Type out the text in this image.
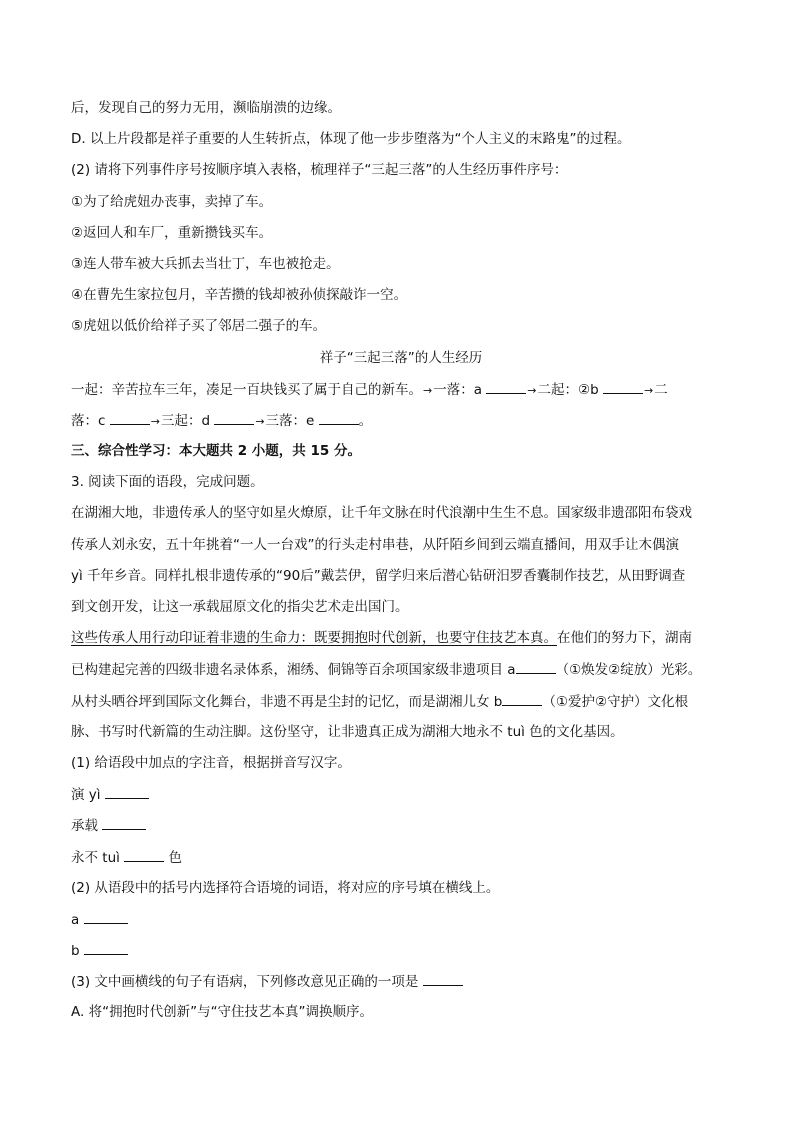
后，发现自己的努力无用，濒临崩溃的边缘。
D. 以上片段都是祥子重要的人生转折点，体现了他一步步堕落为“个人主义的末路鬼”的过程。
(2) 请将下列事件序号按顺序填入表格，梳理祥子“三起三落”的人生经历事件序号：
①为了给虎妞办丧事，卖掉了车。
②返回人和车厂，重新攒钱买车。
③连人带车被大兵抓去当壮丁，车也被抢走。
④在曹先生家拉包月，辛苦攒的钱却被孙侦探敲诈一空。
⑤虎妞以低价给祥子买了邻居二强子的车。
祥子“三起三落”的人生经历
一起：辛苦拉车三年，凑足一百块钱买了属于自己的新车。→一落：a	→二起：②b	→二
落：c	→三起：d	→三落：e	。
三、综合性学习：本大题共 2 小题，共 15 分。
3. 阅读下面的语段，完成问题。
在湖湘大地，非遗传承人的坚守如星火燎原，让千年文脉在时代浪潮中生生不息。国家级非遗邵阳布袋戏
传承人刘永安，五十年挑着“一人一台戏”的行头走村串巷，从阡陌乡间到云端直播间，用双手让木偶演
yì 千年乡音。同样扎根非遗传承的“90后”戴芸伊，留学归来后潜心钻研汨罗香囊制作技艺，从田野调查
到文创开发，让这一承载屈原文化的指尖艺术走出国门。
这些传承人用行动印证着非遗的生命力：既要拥抱时代创新，也要守住技艺本真。在他们的努力下，湖南
已构建起完善的四级非遗名录体系，湘绣、侗锦等百余项国家级非遗项目 a	（①焕发②绽放）光彩。
从村头晒谷坪到国际文化舞台，非遗不再是尘封的记忆，而是湖湘儿女 b	（①爱护②守护）文化根
脉、书写时代新篇的生动注脚。这份坚守，让非遗真正成为湖湘大地永不 tuì 色的文化基因。
(1) 给语段中加点的字注音，根据拼音写汉字。
演 yì
承载
永不 tuì	色
(2) 从语段中的括号内选择符合语境的词语，将对应的序号填在横线上。
a
b
(3) 文中画横线的句子有语病，下列修改意见正确的一项是
A. 将“拥抱时代创新”与“守住技艺本真”调换顺序。
